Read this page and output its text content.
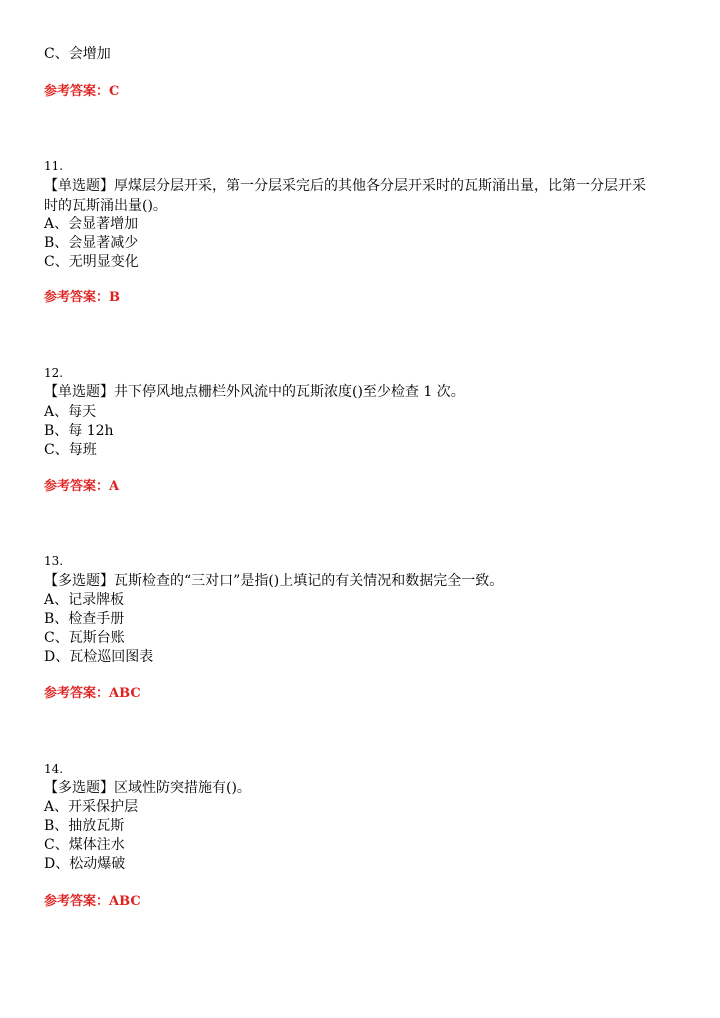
C、会增加
参考答案：C
11.
【单选题】厚煤层分层开采，第一分层采完后的其他各分层开采时的瓦斯涌出量，比第一分层开采
时的瓦斯涌出量()。
A、会显著增加
B、会显著减少
C、无明显变化
参考答案：B
12.
【单选题】井下停风地点栅栏外风流中的瓦斯浓度()至少检查 1 次。
A、每天
B、每 12h
C、每班
参考答案：A
13.
【多选题】瓦斯检查的“三对口”是指()上填记的有关情况和数据完全一致。
A、记录牌板
B、检查手册
C、瓦斯台账
D、瓦检巡回图表
参考答案：ABC
14.
【多选题】区域性防突措施有()。
A、开采保护层
B、抽放瓦斯
C、煤体注水
D、松动爆破
参考答案：ABC
